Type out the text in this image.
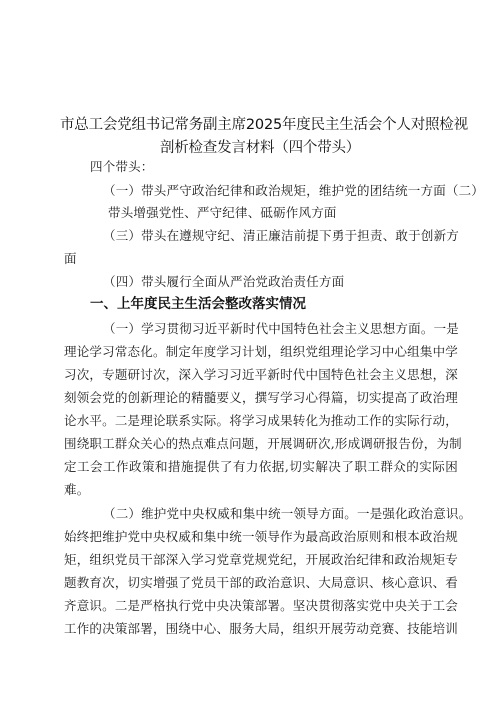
市总工会党组书记常务副主席2025年度民主生活会个人对照检视
剖析检查发言材料（四个带头）
四个带头：
（一）带头严守政治纪律和政治规矩，维护党的团结统一方面（二）
带头增强党性、严守纪律、砥砺作风方面
（三）带头在遵规守纪、清正廉洁前提下勇于担责、敢于创新方
面
（四）带头履行全面从严治党政治责任方面
一、上年度民主生活会整改落实情况
（一）学习贯彻习近平新时代中国特色社会主义思想方面。一是
理论学习常态化。制定年度学习计划，组织党组理论学习中心组集中学
习次，专题研讨次，深入学习习近平新时代中国特色社会主义思想，深
刻领会党的创新理论的精髓要义，撰写学习心得篇，切实提高了政治理
论水平。二是理论联系实际。将学习成果转化为推动工作的实际行动，
围绕职工群众关心的热点难点问题，开展调研次,形成调研报告份，为制
定工会工作政策和措施提供了有力依据,切实解决了职工群众的实际困
难。
（二）维护党中央权威和集中统一领导方面。一是强化政治意识。
始终把维护党中央权威和集中统一领导作为最高政治原则和根本政治规
矩，组织党员干部深入学习党章党规党纪，开展政治纪律和政治规矩专
题教育次，切实增强了党员干部的政治意识、大局意识、核心意识、看
齐意识。二是严格执行党中央决策部署。坚决贯彻落实党中央关于工会
工作的决策部署，围绕中心、服务大局，组织开展劳动竞赛、技能培训
